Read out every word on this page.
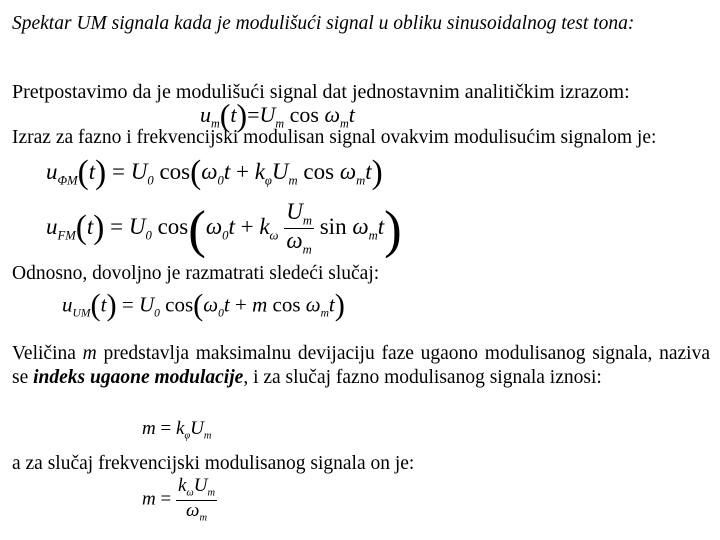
Spektar UM signala kada je modulišući signal u obliku sinusoidalnog test tona:
Pretpostavimo da je modulišući signal dat jednostavnim analitičkim izrazom:
$u_m(t)=U_m$ $\cos \omega_mt$
Izraz za fazno i frekvencijski modulisan signal ovakvim modulisućim signalom je:
$u_{\Phi M}(t) = U_0$ $\cos(\omega_0t + k_\varphi U_m$ $\cos \omega_mt$)
$u_{FM}(t) = U_0$ $\cos(\omega_0t + k_\omega \frac{U_m}{\omega_m}$ $\sin \omega_mt$)
Odnosno, dovoljno je razmatrati sledeći slučaj:
$u_{UM}(t) = U_0$ $\cos(\omega_0t + m$ $\cos \omega_mt$)
Veličina m predstavlja maksimalnu devijaciju faze ugaono modulisanog signala, naziva se indeks ugaone modulacije, i za slučaj fazno modulisanog signala iznosi:
$m = k_\varphi U_m$
a za slučaj frekvencijski modulisanog signala on je:
$m = \frac{k_\omega U_m}{\omega_m}$
